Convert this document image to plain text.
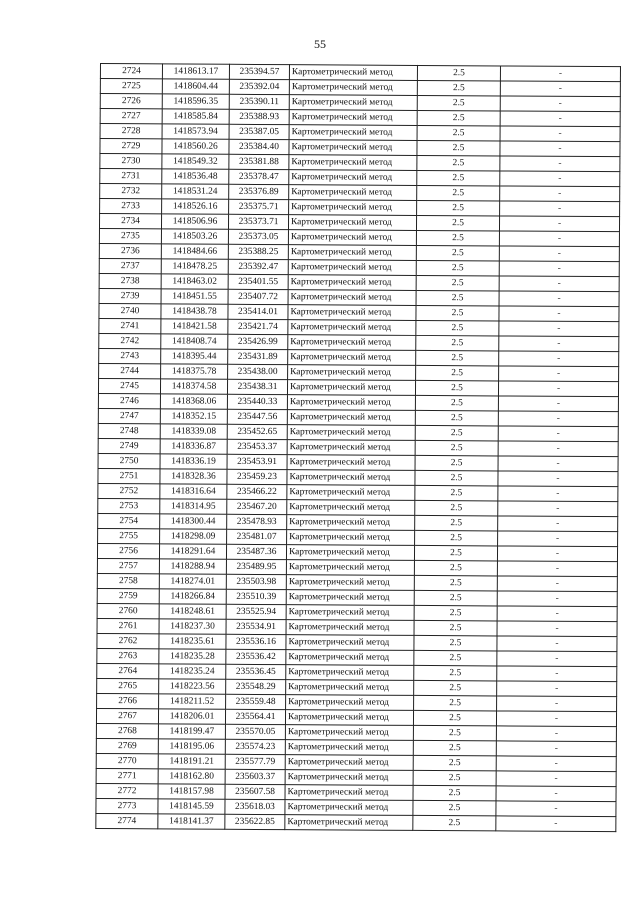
55
2724	1418613.17	235394.57	Картометрический метод	2.5	-
2725	1418604.44	235392.04	Картометрический метод	2.5	-
2726	1418596.35	235390.11	Картометрический метод	2.5	-
2727	1418585.84	235388.93	Картометрический метод	2.5	-
2728	1418573.94	235387.05	Картометрический метод	2.5	-
2729	1418560.26	235384.40	Картометрический метод	2.5	-
2730	1418549.32	235381.88	Картометрический метод	2.5	-
2731	1418536.48	235378.47	Картометрический метод	2.5	-
2732	1418531.24	235376.89	Картометрический метод	2.5	-
2733	1418526.16	235375.71	Картометрический метод	2.5	-
2734	1418506.96	235373.71	Картометрический метод	2.5	-
2735	1418503.26	235373.05	Картометрический метод	2.5	-
2736	1418484.66	235388.25	Картометрический метод	2.5	-
2737	1418478.25	235392.47	Картометрический метод	2.5	-
2738	1418463.02	235401.55	Картометрический метод	2.5	-
2739	1418451.55	235407.72	Картометрический метод	2.5	-
2740	1418438.78	235414.01	Картометрический метод	2.5	-
2741	1418421.58	235421.74	Картометрический метод	2.5	-
2742	1418408.74	235426.99	Картометрический метод	2.5	-
2743	1418395.44	235431.89	Картометрический метод	2.5	-
2744	1418375.78	235438.00	Картометрический метод	2.5	-
2745	1418374.58	235438.31	Картометрический метод	2.5	-
2746	1418368.06	235440.33	Картометрический метод	2.5	-
2747	1418352.15	235447.56	Картометрический метод	2.5	-
2748	1418339.08	235452.65	Картометрический метод	2.5	-
2749	1418336.87	235453.37	Картометрический метод	2.5	-
2750	1418336.19	235453.91	Картометрический метод	2.5	-
2751	1418328.36	235459.23	Картометрический метод	2.5	-
2752	1418316.64	235466.22	Картометрический метод	2.5	-
2753	1418314.95	235467.20	Картометрический метод	2.5	-
2754	1418300.44	235478.93	Картометрический метод	2.5	-
2755	1418298.09	235481.07	Картометрический метод	2.5	-
2756	1418291.64	235487.36	Картометрический метод	2.5	-
2757	1418288.94	235489.95	Картометрический метод	2.5	-
2758	1418274.01	235503.98	Картометрический метод	2.5	-
2759	1418266.84	235510.39	Картометрический метод	2.5	-
2760	1418248.61	235525.94	Картометрический метод	2.5	-
2761	1418237.30	235534.91	Картометрический метод	2.5	-
2762	1418235.61	235536.16	Картометрический метод	2.5	-
2763	1418235.28	235536.42	Картометрический метод	2.5	-
2764	1418235.24	235536.45	Картометрический метод	2.5	-
2765	1418223.56	235548.29	Картометрический метод	2.5	-
2766	1418211.52	235559.48	Картометрический метод	2.5	-
2767	1418206.01	235564.41	Картометрический метод	2.5	-
2768	1418199.47	235570.05	Картометрический метод	2.5	-
2769	1418195.06	235574.23	Картометрический метод	2.5	-
2770	1418191.21	235577.79	Картометрический метод	2.5	-
2771	1418162.80	235603.37	Картометрический метод	2.5	-
2772	1418157.98	235607.58	Картометрический метод	2.5	-
2773	1418145.59	235618.03	Картометрический метод	2.5	-
2774	1418141.37	235622.85	Картометрический метод	2.5	-
